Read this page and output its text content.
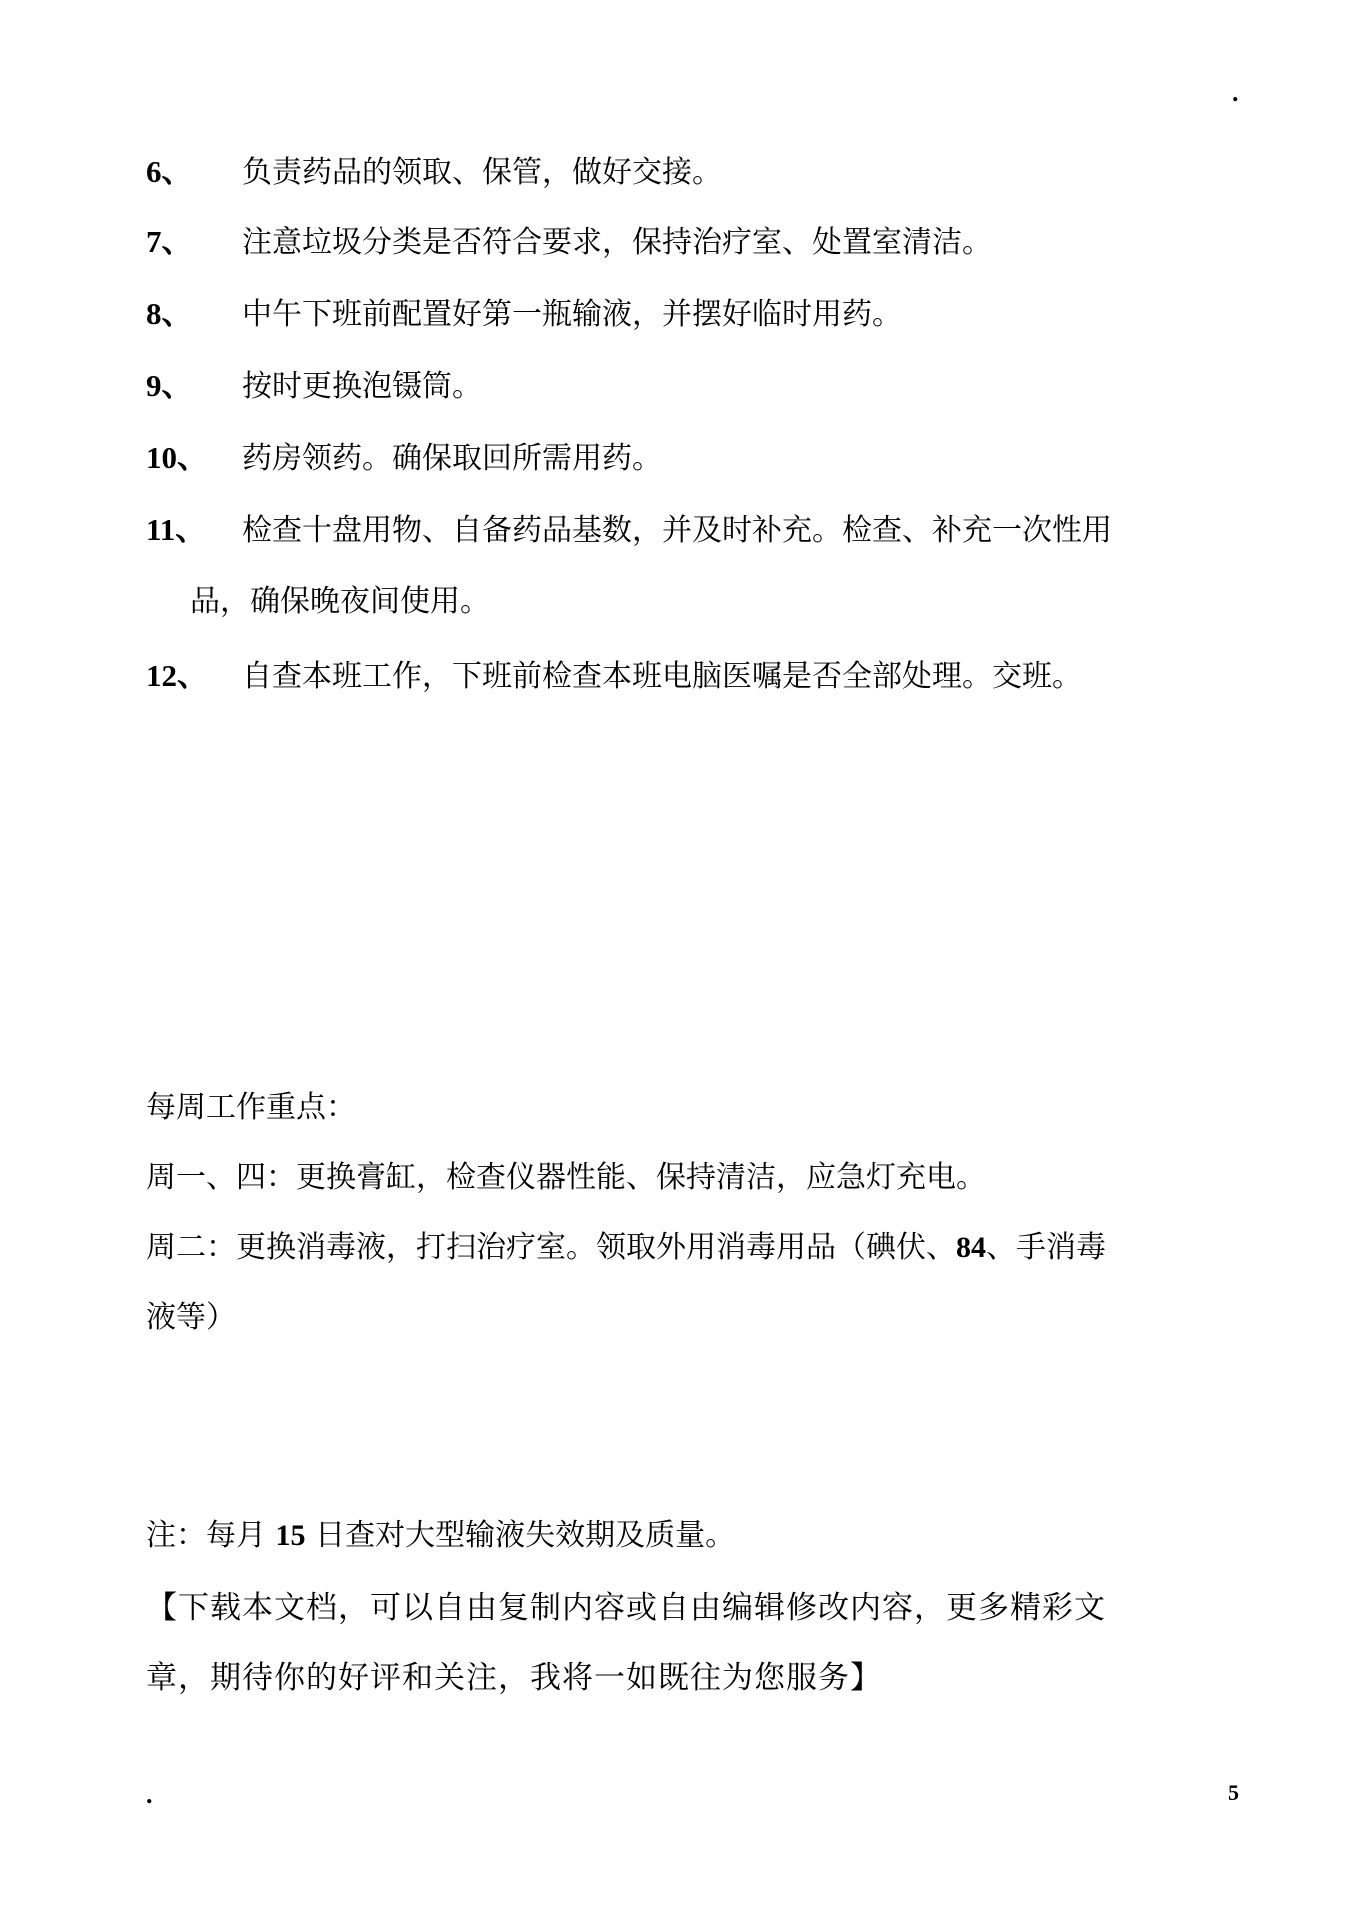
.
6、 负责药品的领取、保管，做好交接。
7、 注意垃圾分类是否符合要求，保持治疗室、处置室清洁。
8、 中午下班前配置好第一瓶输液，并摆好临时用药。
9、 按时更换泡镊筒。
10、 药房领药。确保取回所需用药。
11、 检查十盘用物、自备药品基数，并及时补充。检查、补充一次性用
品，确保晚夜间使用。
12、 自查本班工作，下班前检查本班电脑医嘱是否全部处理。交班。
每周工作重点：
周一、四：更换膏缸，检查仪器性能、保持清洁，应急灯充电。
周二：更换消毒液，打扫治疗室。领取外用消毒用品（碘伏、84、手消毒
液等）
注：每月 15 日查对大型输液失效期及质量。
【下载本文档，可以自由复制内容或自由编辑修改内容，更多精彩文
章，期待你的好评和关注，我将一如既往为您服务】
.	5
